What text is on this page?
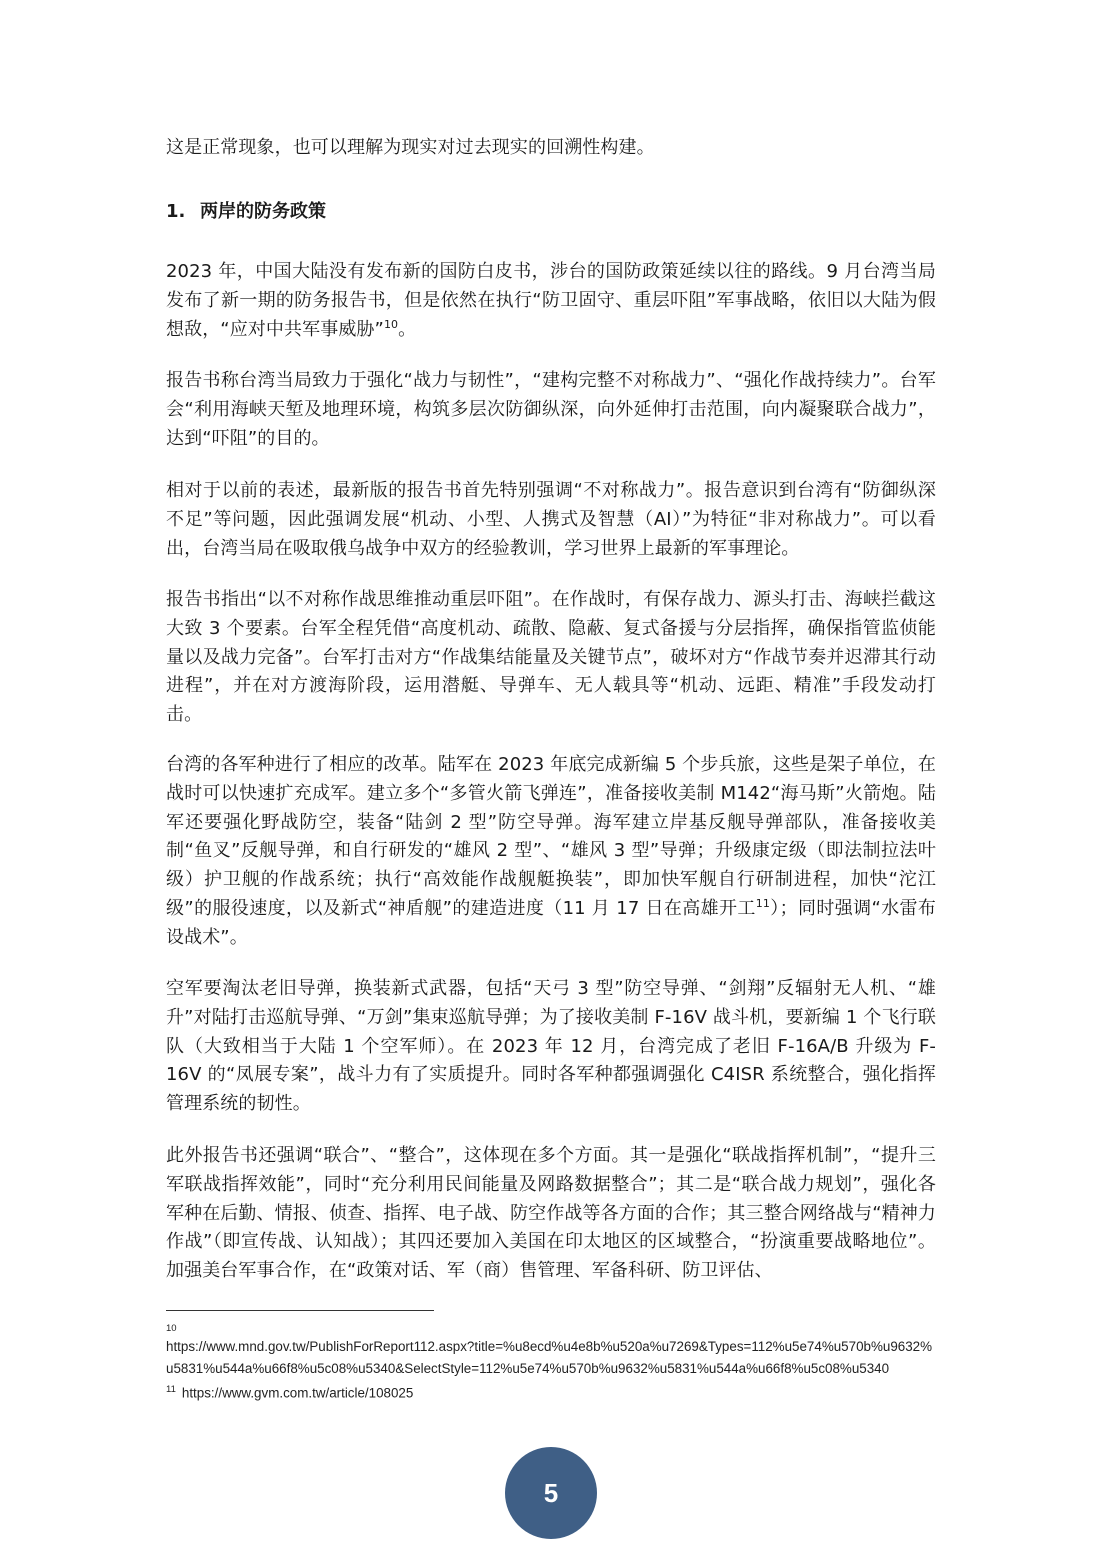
这是正常现象，也可以理解为现实对过去现实的回溯性构建。

1. 两岸的防务政策

2023 年，中国大陆没有发布新的国防白皮书，涉台的国防政策延续以往的路线。9 月台湾当局发布了新一期的防务报告书，但是依然在执行“防卫固守、重层吓阻”军事战略，依旧以大陆为假想敌，“应对中共军事威胁”$^{10}$。

报告书称台湾当局致力于强化“战力与韧性”，“建构完整不对称战力”、“强化作战持续力”。台军会“利用海峡天堑及地理环境，构筑多层次防御纵深，向外延伸打击范围，向内凝聚联合战力”，达到“吓阻”的目的。

相对于以前的表述，最新版的报告书首先特别强调“不对称战力”。报告意识到台湾有“防御纵深不足”等问题，因此强调发展“机动、小型、人携式及智慧（AI）”为特征“非对称战力”。可以看出，台湾当局在吸取俄乌战争中双方的经验教训，学习世界上最新的军事理论。

报告书指出“以不对称作战思维推动重层吓阻”。在作战时，有保存战力、源头打击、海峡拦截这大致 3 个要素。台军全程凭借“高度机动、疏散、隐蔽、复式备援与分层指挥，确保指管监侦能量以及战力完备”。台军打击对方“作战集结能量及关键节点”，破坏对方“作战节奏并迟滞其行动进程”，并在对方渡海阶段，运用潜艇、导弹车、无人载具等“机动、远距、精准”手段发动打击。

台湾的各军种进行了相应的改革。陆军在 2023 年底完成新编 5 个步兵旅，这些是架子单位，在战时可以快速扩充成军。建立多个“多管火箭飞弹连”，准备接收美制 M142“海马斯”火箭炮。陆军还要强化野战防空，装备“陆剑 2 型”防空导弹。海军建立岸基反舰导弹部队，准备接收美制“鱼叉”反舰导弹，和自行研发的“雄风 2 型”、“雄风 3 型”导弹；升级康定级（即法制拉法叶级）护卫舰的作战系统；执行“高效能作战舰艇换装”，即加快军舰自行研制进程，加快“沱江级”的服役速度，以及新式“神盾舰”的建造进度（11 月 17 日在高雄开工$^{11}$）；同时强调“水雷布设战术”。

空军要淘汰老旧导弹，换装新式武器，包括“天弓 3 型”防空导弹、“剑翔”反辐射无人机、“雄升”对陆打击巡航导弹、“万剑”集束巡航导弹；为了接收美制 F-16V 战斗机，要新编 1 个飞行联队（大致相当于大陆 1 个空军师）。在 2023 年 12 月，台湾完成了老旧 F-16A/B 升级为 F-16V 的“凤展专案”，战斗力有了实质提升。同时各军种都强调强化 C4ISR 系统整合，强化指挥管理系统的韧性。

此外报告书还强调“联合”、“整合”，这体现在多个方面。其一是强化“联战指挥机制”，“提升三军联战指挥效能”，同时“充分利用民间能量及网路数据整合”；其二是“联合战力规划”，强化各军种在后勤、情报、侦查、指挥、电子战、防空作战等各方面的合作；其三整合网络战与“精神力作战”（即宣传战、认知战）；其四还要加入美国在印太地区的区域整合，“扮演重要战略地位”。加强美台军事合作，在“政策对话、军（商）售管理、军备科研、防卫评估、

10
https://www.mnd.gov.tw/PublishForReport112.aspx?title=%u8ecd%u4e8b%u520a%u7269&Types=112%u5e74%u570b%u9632%u5831%u544a%u66f8%u5c08%u5340&SelectStyle=112%u5e74%u570b%u9632%u5831%u544a%u66f8%u5c08%u5340
$^{11}$ https://www.gvm.com.tw/article/108025
5
